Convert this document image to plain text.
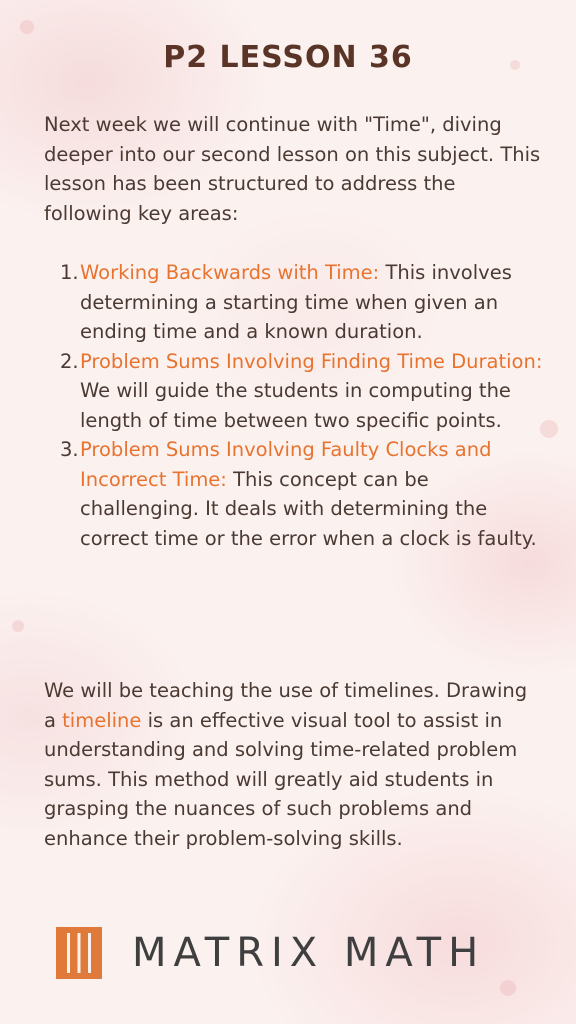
P2 LESSON 36

Next week we will continue with "Time", diving deeper into our second lesson on this subject. This lesson has been structured to address the following key areas:

1. Working Backwards with Time: This involves determining a starting time when given an ending time and a known duration.
2. Problem Sums Involving Finding Time Duration: We will guide the students in computing the length of time between two specific points.
3. Problem Sums Involving Faulty Clocks and Incorrect Time: This concept can be challenging. It deals with determining the correct time or the error when a clock is faulty.

We will be teaching the use of timelines. Drawing a timeline is an effective visual tool to assist in understanding and solving time-related problem sums. This method will greatly aid students in grasping the nuances of such problems and enhance their problem-solving skills.

MATRIX MATH
